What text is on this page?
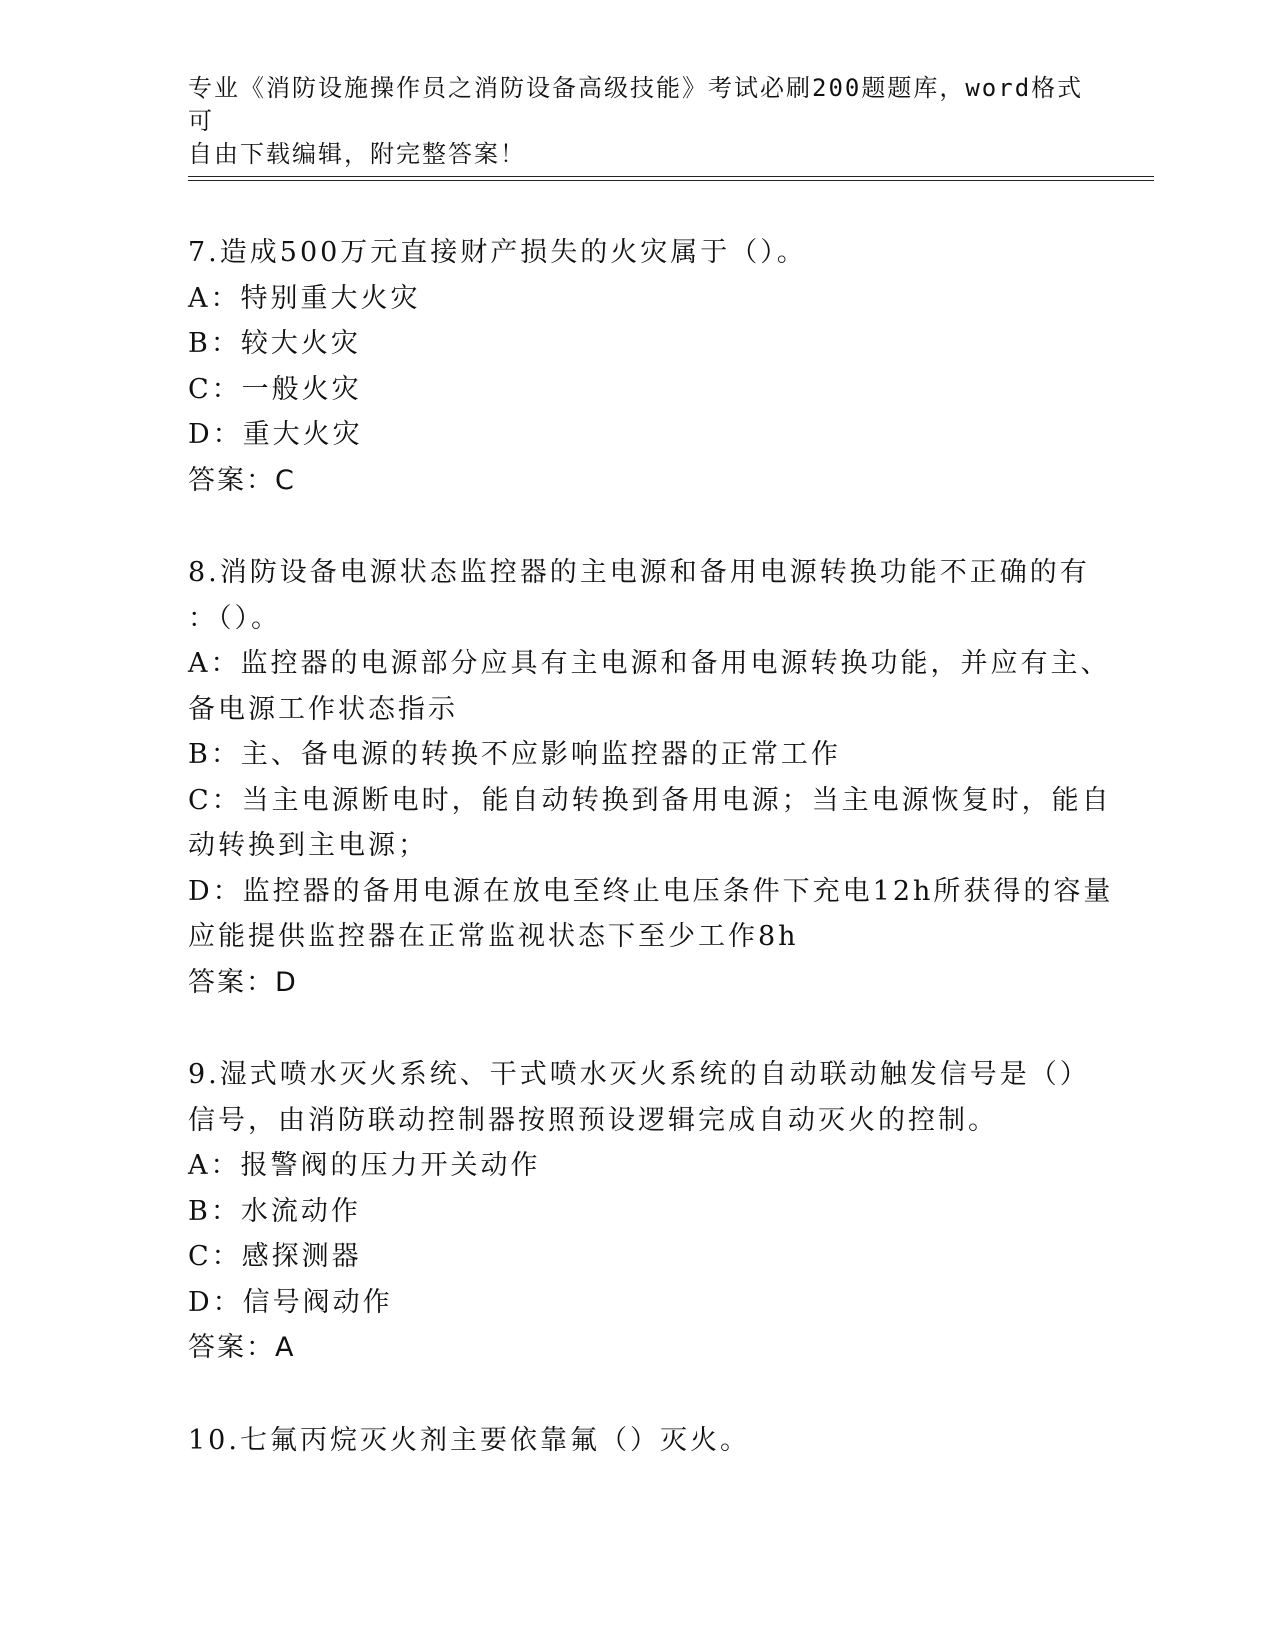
专业《消防设施操作员之消防设备高级技能》考试必刷200题题库，word格式可
自由下载编辑，附完整答案！
7.造成500万元直接财产损失的火灾属于（）。
A：特别重大火灾
B：较大火灾
C：一般火灾
D：重大火灾
答案：C
8.消防设备电源状态监控器的主电源和备用电源转换功能不正确的有
：（）。
A：监控器的电源部分应具有主电源和备用电源转换功能，并应有主、
备电源工作状态指示
B：主、备电源的转换不应影响监控器的正常工作
C：当主电源断电时，能自动转换到备用电源；当主电源恢复时，能自
动转换到主电源；
D：监控器的备用电源在放电至终止电压条件下充电12h所获得的容量
应能提供监控器在正常监视状态下至少工作8h
答案：D
9.湿式喷水灭火系统、干式喷水灭火系统的自动联动触发信号是（）
信号，由消防联动控制器按照预设逻辑完成自动灭火的控制。
A：报警阀的压力开关动作
B：水流动作
C：感探测器
D：信号阀动作
答案：A
10.七氟丙烷灭火剂主要依靠氟（）灭火。
